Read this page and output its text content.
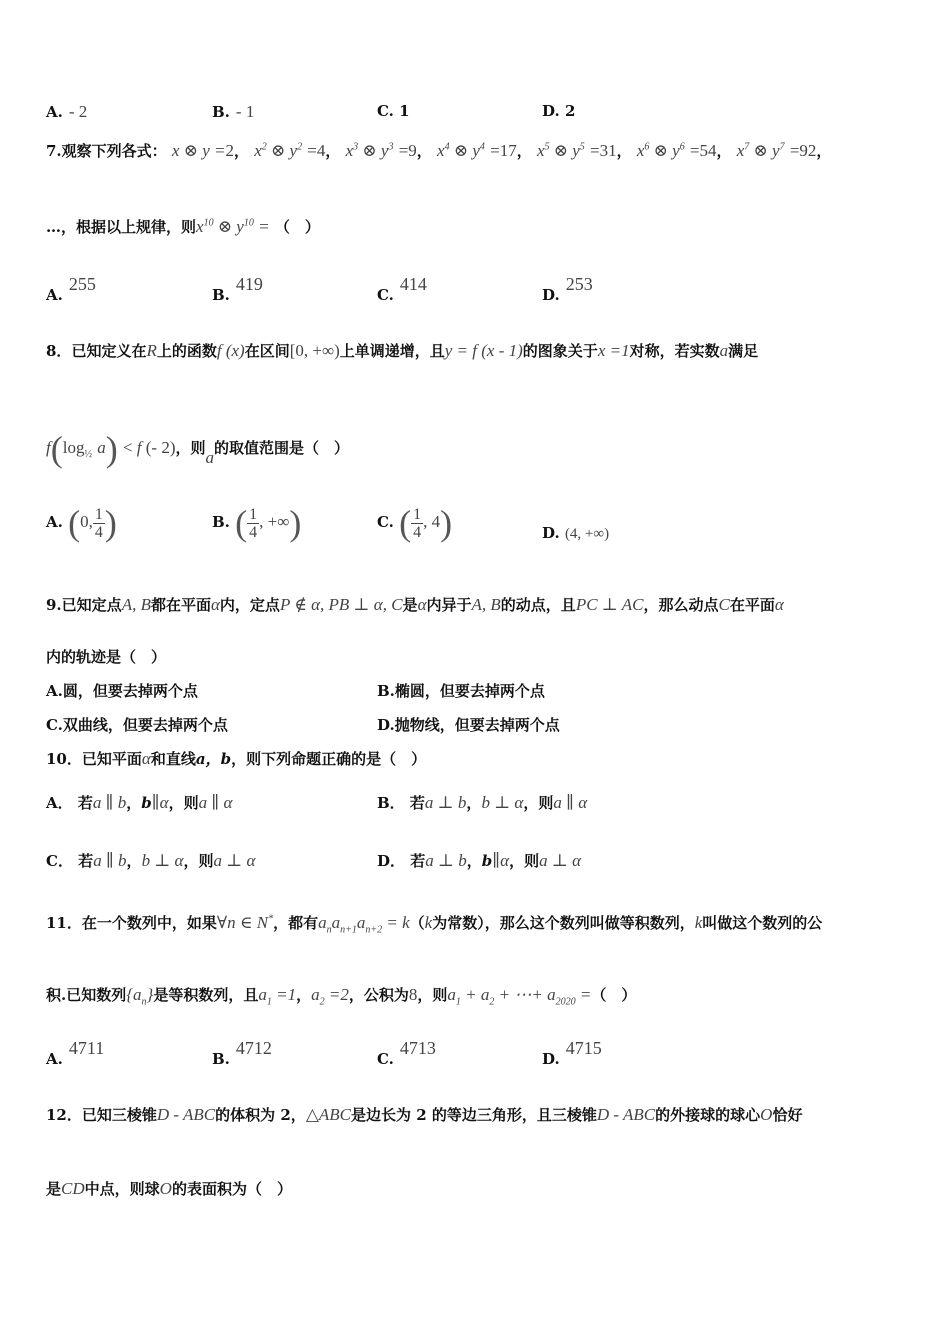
A. - 2	B. - 1	C. 1	D. 2
7.观察下列各式： x ⊗ y =2， $x^2$ ⊗ $y^2 =4$， $x^3$ ⊗ $y^3 =9$， $x^4$ ⊗ $y^4 =17$， $x^5$ ⊗ $y^5 =31$， $x^6$ ⊗ $y^6 =54$， $x^7$ ⊗ $y^7 =92$，
…，根据以上规律，则$x^{10}$ ⊗ $y^{10}$ = （　）
A.255
B.419
C.414
D.253
8．已知定义在R上的函数f (x)在区间[0, +∞)上单调递增，且y = f (x - 1)的图象关于x =1对称，若实数a满足
$f(\log_{\frac{1}{2}}$ a) < f (- 2)，则a的取值范围是（　）
A. (0, $\frac{1}{4}$ )	B. ( $\frac{1}{4}$ , +∞)	C. ( $\frac{1}{4}$ , 4)	D. (4, +∞)
9.已知定点A, B都在平面α内，定点P ∉ α, PB ⊥ α, C是α内异于A, B的动点，且PC ⊥ AC，那么动点C在平面α
内的轨迹是（　）
A.圆，但要去掉两个点	B.椭圆，但要去掉两个点
C.双曲线，但要去掉两个点	D.抛物线，但要去掉两个点
10．已知平面α和直线a，b，则下列命题正确的是（　）
A． 若a ∥ b，b∥α，则a ∥ α	B． 若a ⊥ b，b ⊥ α，则a ∥ α
C． 若a ∥ b，b ⊥ α，则a ⊥ α	D． 若a ⊥ b，b∥α，则a ⊥ α
11．在一个数列中，如果∀n ∈ N*，都有$a_na_{n+1}a_{n+2} = k(k$为常数），那么这个数列叫做等积数列，k叫做这个数列的公
积.已知数列$\{a_n\}$是等积数列，且$a_1 =1$，$a_2 =2$，公积为8，则$a_1 + a_2$ + ⋯+ $a_{2020}$ =（　）
A.4711
B.4712
C.4713
D.4715
12．已知三棱锥D - ABC的体积为 2，△ABC是边长为 2 的等边三角形，且三棱锥D - ABC的外接球的球心O恰好
是CD中点，则球O的表面积为（　）
